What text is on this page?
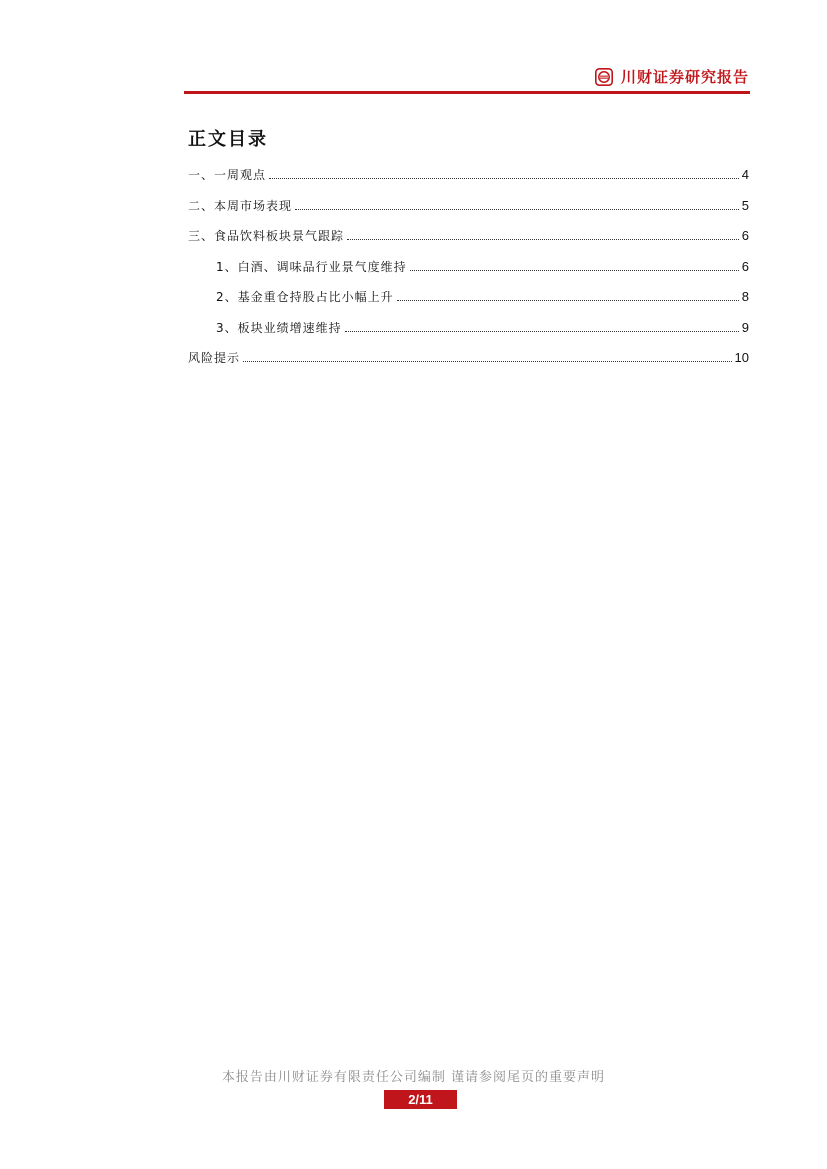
川财证券研究报告
正文目录
一、一周观点	4
二、本周市场表现	5
三、食品饮料板块景气跟踪	6
1、白酒、调味品行业景气度维持	6
2、基金重仓持股占比小幅上升	8
3、板块业绩增速维持	9
风险提示	10
本报告由川财证券有限责任公司编制 谨请参阅尾页的重要声明
2/11
